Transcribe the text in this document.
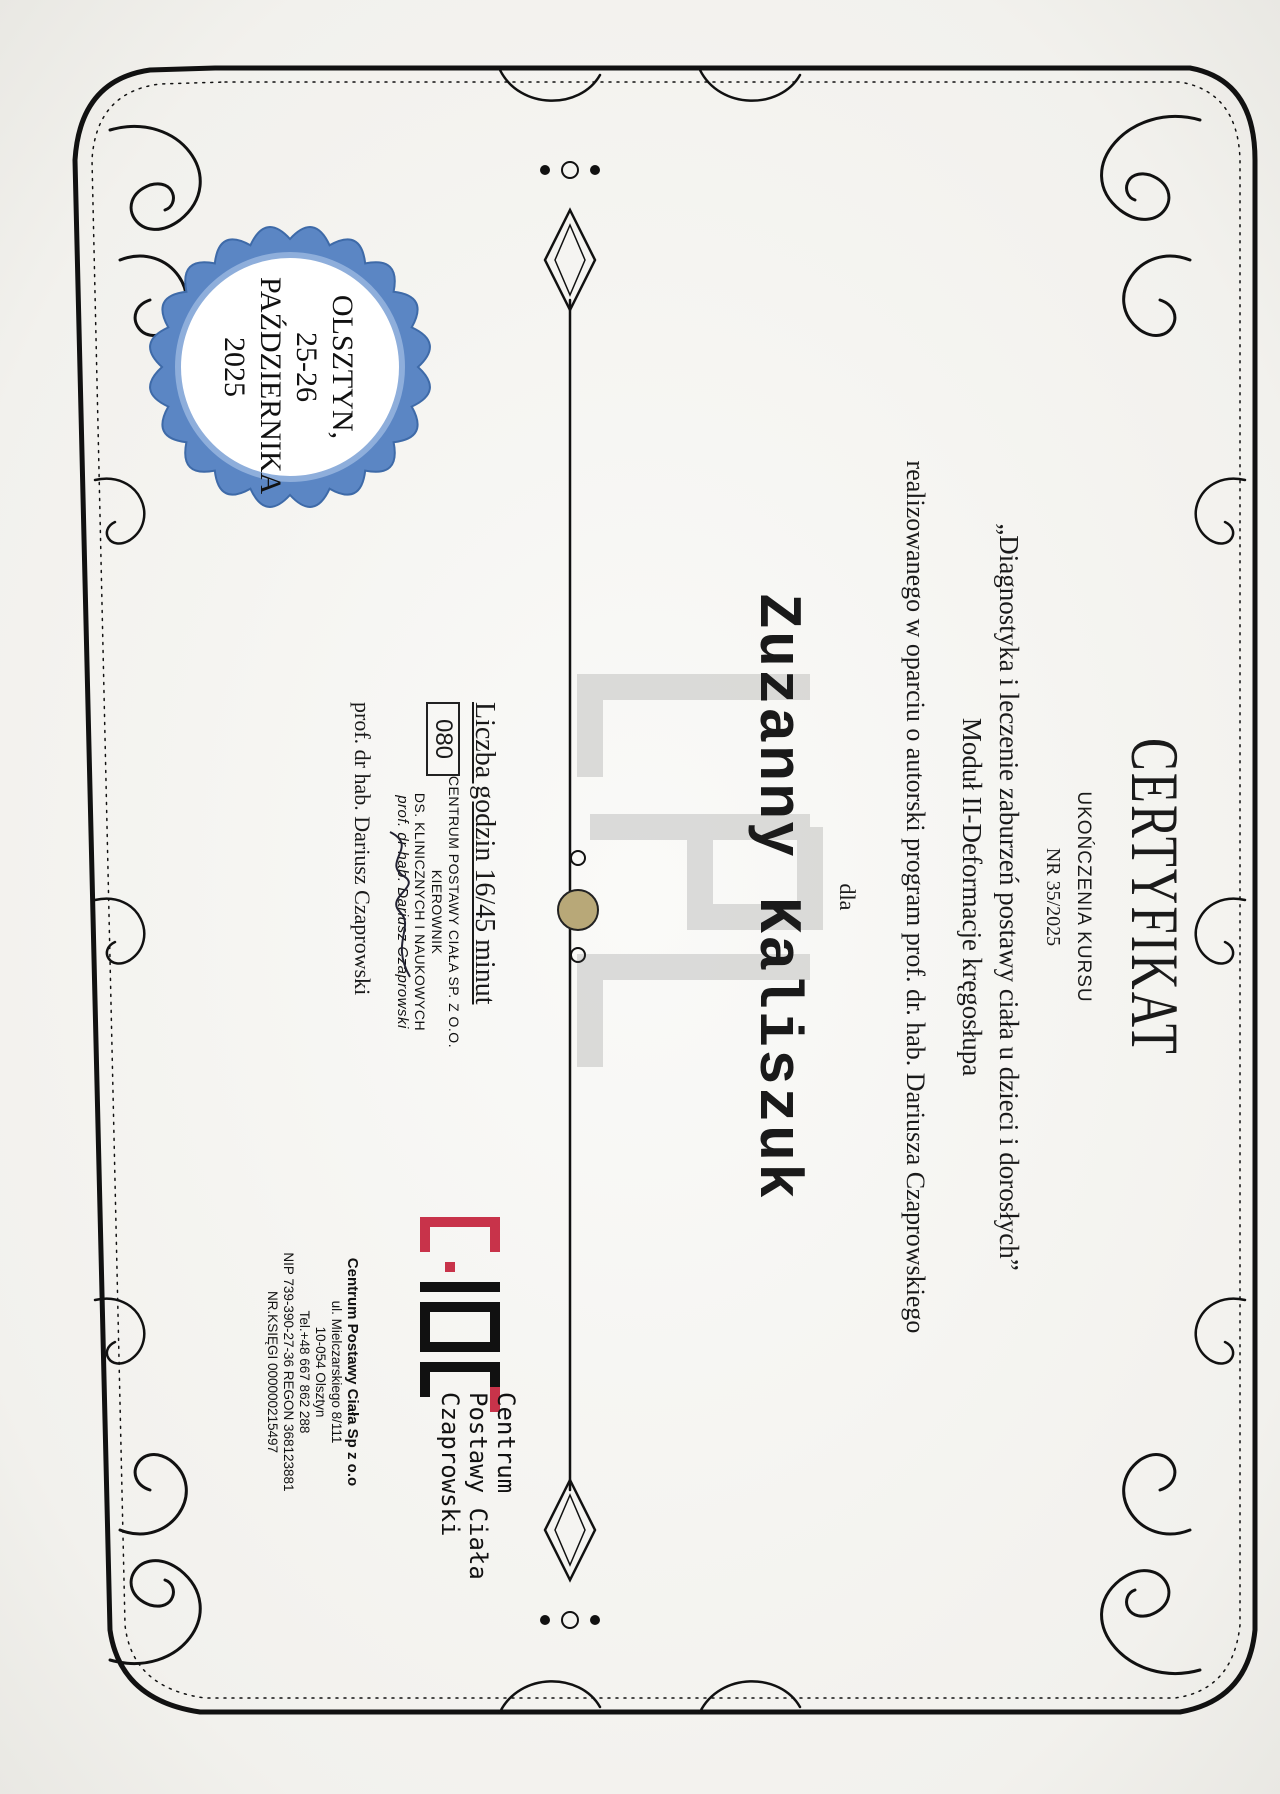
CERTYFIKAT
UKOŃCZENIA KURSU
NR 35/2025
„Diagnostyka i leczenie zaburzeń postawy ciała u dzieci i dorosłych”
Moduł II-Deformacje kręgosłupa
realizowanego w oparciu o autorski program prof. dr. hab. Dariusza Czaprowskiego
dla
Zuzanny Kaliszuk
OLSZTYN,
25-26
PAŹDZIERNIKA
2025
Liczba godzin 16/45 minut
080
CENTRUM POSTAWY CIAŁA SP. Z O.O.
KIEROWNIK
DS. KLINICZNYCH I NAUKOWYCH
prof. dr hab. Dariusz Czaprowski
prof. dr hab. Dariusz Czaprowski
Centrum
Postawy Ciała
Czaprowski
Centrum Postawy Ciała Sp z o.o
ul. Mielczarskiego 8/111
10-054 Olsztyn
Tel.+48 667 862 288
NIP 739-390-27-36 REGON 368123881
NR.KSIĘGI 000000215497
